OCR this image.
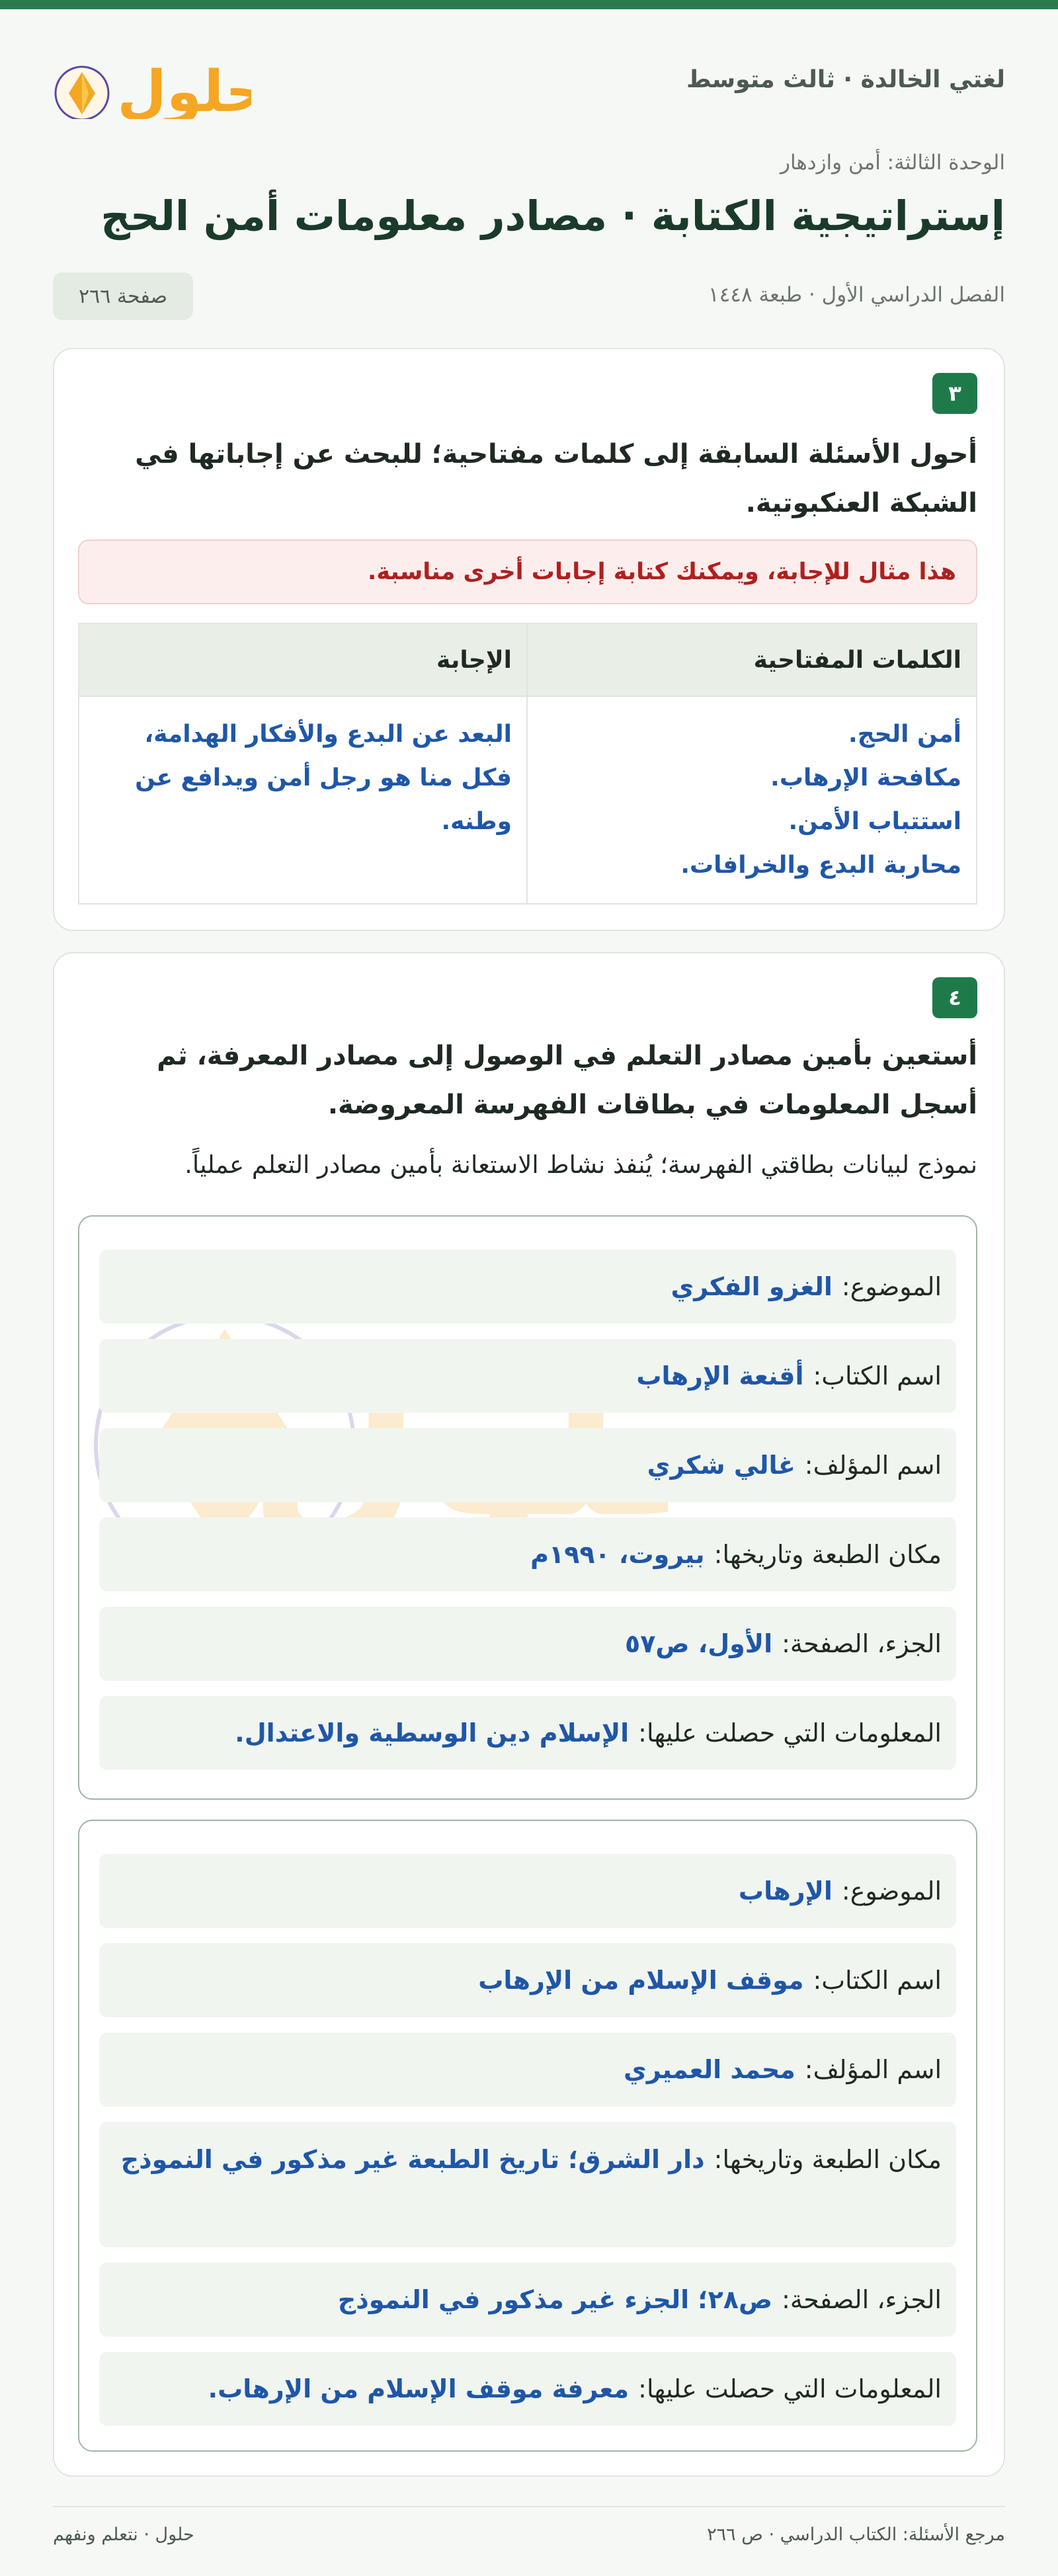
لغتي الخالدة · ثالث متوسط
حلول
الوحدة الثالثة: أمن وازدهار
إستراتيجية الكتابة · مصادر معلومات أمن الحج
الفصل الدراسي الأول · طبعة ١٤٤٨
صفحة ٢٦٦
٣
أحول الأسئلة السابقة إلى كلمات مفتاحية؛ للبحث عن إجاباتها في الشبكة العنكبوتية.
هذا مثال للإجابة، ويمكنك كتابة إجابات أخرى مناسبة.
الكلمات المفتاحية	الإجابة

أمن الحج.
مكافحة الإرهاب.
استتباب الأمن.
محاربة البدع والخرافات.	البعد عن البدع والأفكار الهدامة، فكل منا هو رجل أمن ويدافع عن وطنه.
٤
أستعين بأمين مصادر التعلم في الوصول إلى مصادر المعرفة، ثم أسجل المعلومات في بطاقات الفهرسة المعروضة.
نموذج لبيانات بطاقتي الفهرسة؛ يُنفذ نشاط الاستعانة بأمين مصادر التعلم عملياً.
الموضوع:
الغزو الفكري
اسم الكتاب:
أقنعة الإرهاب
اسم المؤلف:
غالي شكري
مكان الطبعة وتاريخها:
بيروت، ١٩٩٠م
الجزء، الصفحة:
الأول، ص٥٧
المعلومات التي حصلت عليها:
الإسلام دين الوسطية والاعتدال.
الموضوع:
الإرهاب
اسم الكتاب:
موقف الإسلام من الإرهاب
اسم المؤلف:
محمد العميري
مكان الطبعة وتاريخها:
دار الشرق؛ تاريخ الطبعة غير مذكور في النموذج
الجزء، الصفحة:
ص٢٨؛ الجزء غير مذكور في النموذج
المعلومات التي حصلت عليها:
معرفة موقف الإسلام من الإرهاب.
مرجع الأسئلة: الكتاب الدراسي · ص ٢٦٦
حلول · نتعلم ونفهم
